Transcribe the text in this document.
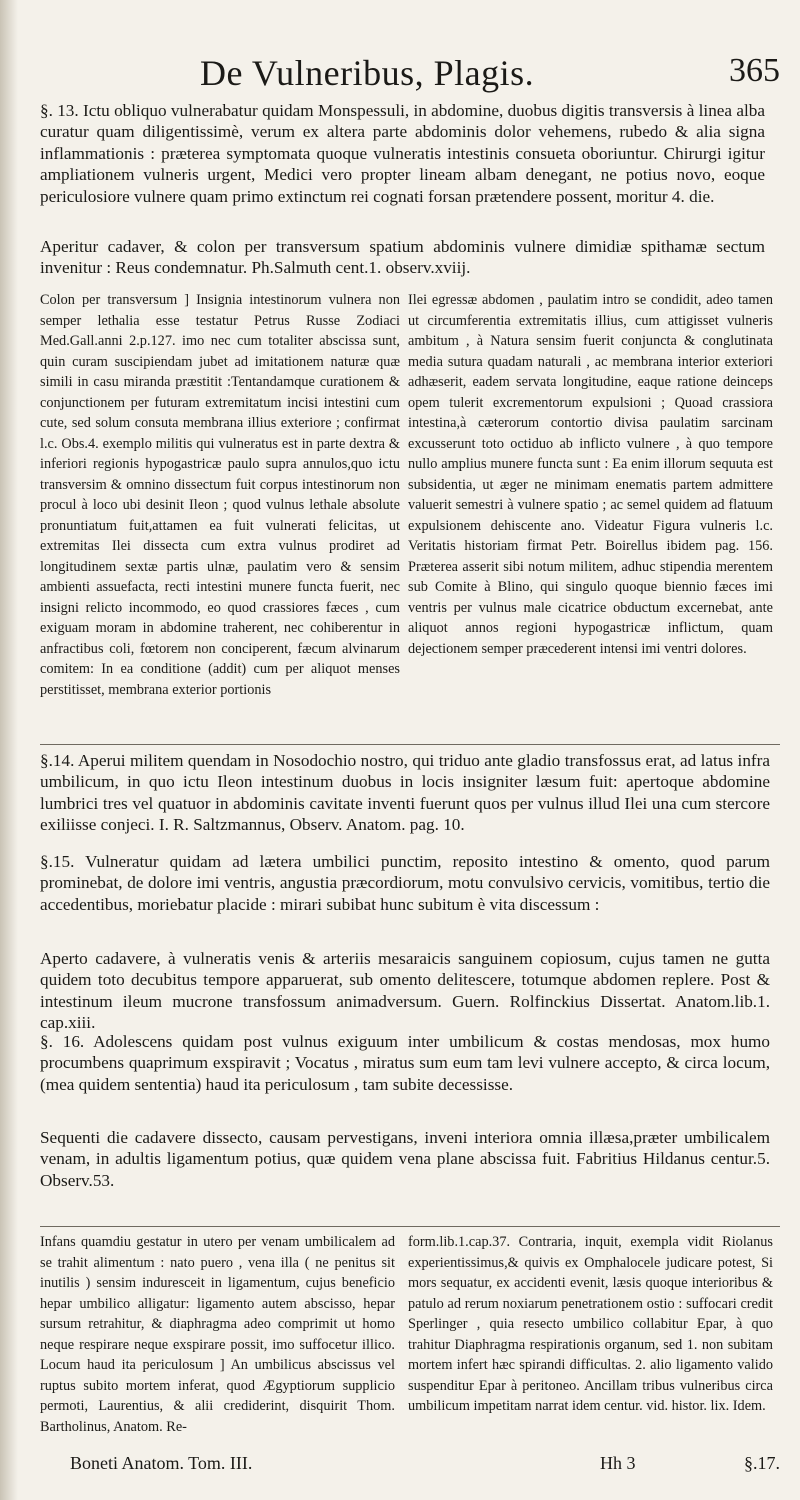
De Vulneribus, Plagis.	365

§. 13. Ictu obliquo vulnerabatur quidam Monspessuli, in abdomine, duobus digitis transversis à linea alba curatur quam diligentissimè, verum ex altera parte abdominis dolor vehemens, rubedo & alia signa inflammationis : præterea symptomata quoque vulneratis intestinis consueta oboriuntur. Chirurgi igitur ampliationem vulneris urgent, Medici vero propter lineam albam denegant, ne potius novo, eoque periculosiore vulnere quam primo extinctum rei cognati forsan prætendere possent, moritur 4. die.

Aperitur cadaver, & colon per transversum spatium abdominis vulnere dimidiæ spithamæ sectum invenitur : Reus condemnatur. Ph.Salmuth cent.1. observ.xviij.

Colon per transversum ] Insignia intestinorum vulnera non semper lethalia esse testatur Petrus Russe Zodiaci Med.Gall.anni 2.p.127. imo nec cum totaliter abscissa sunt, quin curam suscipiendam jubet ad imitationem naturæ quæ simili in casu miranda præstitit :Tentandamque curationem & conjunctionem per futuram extremitatum incisi intestini cum cute, sed solum consuta membrana illius exteriore ; confirmat l.c. Obs.4. exemplo militis qui vulneratus est in parte dextra & inferiori regionis hypogastricæ paulo supra annulos,quo ictu transversim & omnino dissectum fuit corpus intestinorum non procul à loco ubi desinit Ileon ; quod vulnus lethale absolute pronuntiatum fuit,attamen ea fuit vulnerati felicitas, ut extremitas Ilei dissecta cum extra vulnus prodiret ad longitudinem sextæ partis ulnæ, paulatim vero & sensim ambienti assuefacta, recti intestini munere functa fuerit, nec insigni relicto incommodo, eo quod crassiores fæces , cum exiguam moram in abdomine traherent, nec cohiberentur in anfractibus coli, fœtorem non conciperent, fæcum alvinarum comitem: In ea conditione (addit) cum per aliquot menses perstitisset, membrana exterior portionis

Ilei egressæ abdomen , paulatim intro se condidit, adeo tamen ut circumferentia extremitatis illius, cum attigisset vulneris ambitum , à Natura sensim fuerit conjuncta & conglutinata media sutura quadam naturali , ac membrana interior exteriori adhæserit, eadem servata longitudine, eaque ratione deinceps opem tulerit excrementorum expulsioni ; Quoad crassiora intestina,à cæterorum contortio divisa paulatim sarcinam excusserunt toto octiduo ab inflicto vulnere , à quo tempore nullo amplius munere functa sunt : Ea enim illorum sequuta est subsidentia, ut æger ne minimam enematis partem admittere valuerit semestri à vulnere spatio ; ac semel quidem ad flatuum expulsionem dehiscente ano. Videatur Figura vulneris l.c. Veritatis historiam firmat Petr. Boirellus ibidem pag. 156. Præterea asserit sibi notum militem, adhuc stipendia merentem sub Comite à Blino, qui singulo quoque biennio fæces imi ventris per vulnus male cicatrice obductum excernebat, ante aliquot annos regioni hypogastricæ inflictum, quam dejectionem semper præcederent intensi imi ventri dolores.

§.14. Aperui militem quendam in Nosodochio nostro, qui triduo ante gladio transfossus erat, ad latus infra umbilicum, in quo ictu Ileon intestinum duobus in locis insigniter læsum fuit: apertoque abdomine lumbrici tres vel quatuor in abdominis cavitate inventi fuerunt quos per vulnus illud Ilei una cum stercore exiliisse conjeci. I. R. Saltzmannus, Observ. Anatom. pag. 10.

§.15. Vulneratur quidam ad lætera umbilici punctim, reposito intestino & omento, quod parum prominebat, de dolore imi ventris, angustia præcordiorum, motu convulsivo cervicis, vomitibus, tertio die accedentibus, moriebatur placide : mirari subibat hunc subitum è vita discessum :

Aperto cadavere, à vulneratis venis & arteriis mesaraicis sanguinem copiosum, cujus tamen ne gutta quidem toto decubitus tempore apparuerat, sub omento delitescere, totumque abdomen replere. Post & intestinum ileum mucrone transfossum animadversum. Guern. Rolfinckius Dissertat. Anatom.lib.1. cap.xiii.

§. 16. Adolescens quidam post vulnus exiguum inter umbilicum & costas mendosas, mox humo procumbens quaprimum exspiravit ; Vocatus , miratus sum eum tam levi vulnere accepto, & circa locum, (mea quidem sententia) haud ita periculosum , tam subite decessisse.

Sequenti die cadavere dissecto, causam pervestigans, inveni interiora omnia illæsa,præter umbilicalem venam, in adultis ligamentum potius, quæ quidem vena plane abscissa fuit. Fabritius Hildanus centur.5. Observ.53.

Infans quamdiu gestatur in utero per venam umbilicalem ad se trahit alimentum : nato puero , vena illa ( ne penitus sit inutilis ) sensim induresceit in ligamentum, cujus beneficio hepar umbilico alligatur: ligamento autem abscisso, hepar sursum retrahitur, & diaphragma adeo comprimit ut homo neque respirare neque exspirare possit, imo suffocetur illico. Locum haud ita periculosum ] An umbilicus abscissus vel ruptus subito mortem inferat, quod Ægyptiorum supplicio permoti, Laurentius, & alii crediderint, disquirit Thom. Bartholinus, Anatom. Re-

form.lib.1.cap.37. Contraria, inquit, exempla vidit Riolanus experientissimus,& quivis ex Omphalocele judicare potest, Si mors sequatur, ex accidenti evenit, læsis quoque interioribus & patulo ad rerum noxiarum penetrationem ostio : suffocari credit Sperlinger , quia resecto umbilico collabitur Epar, à quo trahitur Diaphragma respirationis organum, sed 1. non subitam mortem infert hæc spirandi difficultas. 2. alio ligamento valido suspenditur Epar à peritoneo. Ancillam tribus vulneribus circa umbilicum impetitam narrat idem centur. vid. histor. lix. Idem.

Boneti Anatom. Tom. III.	Hh 3	§.17.
